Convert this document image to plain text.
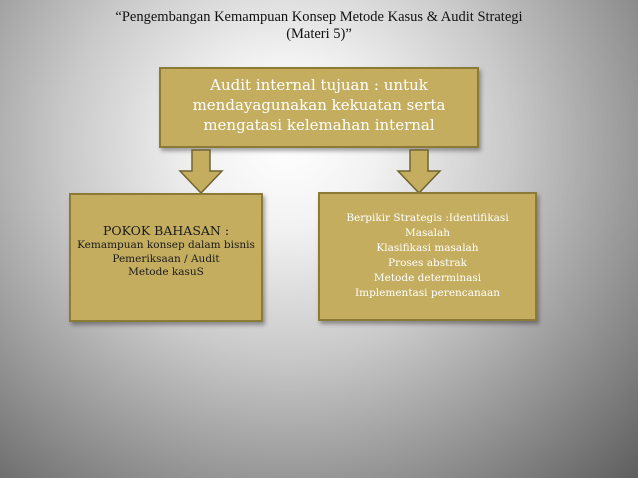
“Pengembangan Kemampuan Konsep Metode Kasus & Audit Strategi
(Materi 5)”
Audit internal tujuan : untuk
mendayagunakan kekuatan serta
mengatasi kelemahan internal
POKOK BAHASAN :
Kemampuan konsep dalam bisnis
Pemeriksaan / Audit
Metode kasuS
Berpikir Strategis :Identifikasi
Masalah
Klasifikasi masalah
Proses abstrak
Metode determinasi
Implementasi perencanaan
